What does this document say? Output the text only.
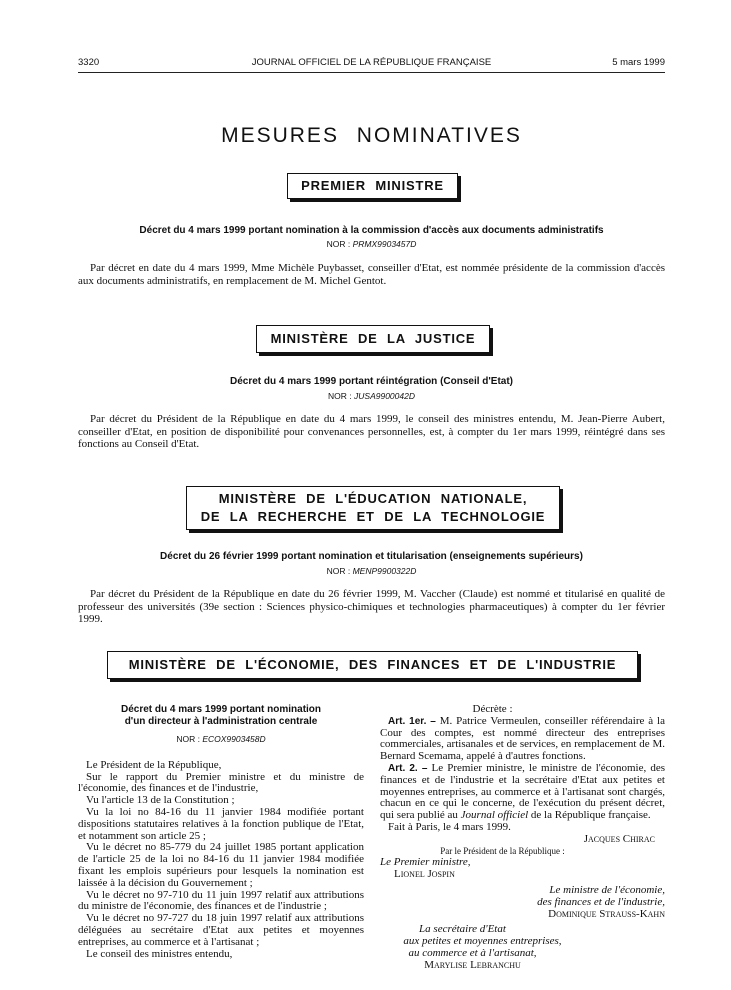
3320	JOURNAL OFFICIEL DE LA RÉPUBLIQUE FRANÇAISE	5 mars 1999
MESURES NOMINATIVES
PREMIER MINISTRE
Décret du 4 mars 1999 portant nomination à la commission d'accès aux documents administratifs
NOR : PRMX9903457D

Par décret en date du 4 mars 1999, Mme Michèle Puybasset, conseiller d'Etat, est nommée présidente de la commission d'accès aux documents administratifs, en remplacement de M. Michel Gentot.

MINISTÈRE DE LA JUSTICE
Décret du 4 mars 1999 portant réintégration (Conseil d'Etat)
NOR : JUSA9900042D

Par décret du Président de la République en date du 4 mars 1999, le conseil des ministres entendu, M. Jean-Pierre Aubert, conseiller d'Etat, en position de disponibilité pour convenances personnelles, est, à compter du 1er mars 1999, réintégré dans ses fonctions au Conseil d'Etat.

MINISTÈRE DE L'ÉDUCATION NATIONALE,
DE LA RECHERCHE ET DE LA TECHNOLOGIE
Décret du 26 février 1999 portant nomination et titularisation (enseignements supérieurs)
NOR : MENP9900322D

Par décret du Président de la République en date du 26 février 1999, M. Vaccher (Claude) est nommé et titularisé en qualité de professeur des universités (39e section : Sciences physico-chimiques et technologies pharmaceutiques) à compter du 1er février 1999.

MINISTÈRE DE L'ÉCONOMIE, DES FINANCES ET DE L'INDUSTRIE
Décret du 4 mars 1999 portant nomination
d'un directeur à l'administration centrale
NOR : ECOX9903458D

Le Président de la République,

Sur le rapport du Premier ministre et du ministre de l'économie, des finances et de l'industrie,

Vu l'article 13 de la Constitution ;

Vu la loi no 84-16 du 11 janvier 1984 modifiée portant dispositions statutaires relatives à la fonction publique de l'Etat, et notamment son article 25 ;

Vu le décret no 85-779 du 24 juillet 1985 portant application de l'article 25 de la loi no 84-16 du 11 janvier 1984 modifiée fixant les emplois supérieurs pour lesquels la nomination est laissée à la décision du Gouvernement ;

Vu le décret no 97-710 du 11 juin 1997 relatif aux attributions du ministre de l'économie, des finances et de l'industrie ;

Vu le décret no 97-727 du 18 juin 1997 relatif aux attributions déléguées au secrétaire d'Etat aux petites et moyennes entreprises, au commerce et à l'artisanat ;

Le conseil des ministres entendu,

Décrète :

Art. 1er. – M. Patrice Vermeulen, conseiller référendaire à la Cour des comptes, est nommé directeur des entreprises commerciales, artisanales et de services, en remplacement de M. Bernard Scemama, appelé à d'autres fonctions.

Art. 2. – Le Premier ministre, le ministre de l'économie, des finances et de l'industrie et la secrétaire d'Etat aux petites et moyennes entreprises, au commerce et à l'artisanat sont chargés, chacun en ce qui le concerne, de l'exécution du présent décret, qui sera publié au Journal officiel de la République française.

Fait à Paris, le 4 mars 1999.

Jacques Chirac

Par le Président de la République :

Le Premier ministre,

Lionel Jospin

Le ministre de l'économie,

des finances et de l'industrie,

Dominique Strauss-Kahn

La secrétaire d'Etat

aux petites et moyennes entreprises,

au commerce et à l'artisanat,

Marylise Lebranchu
